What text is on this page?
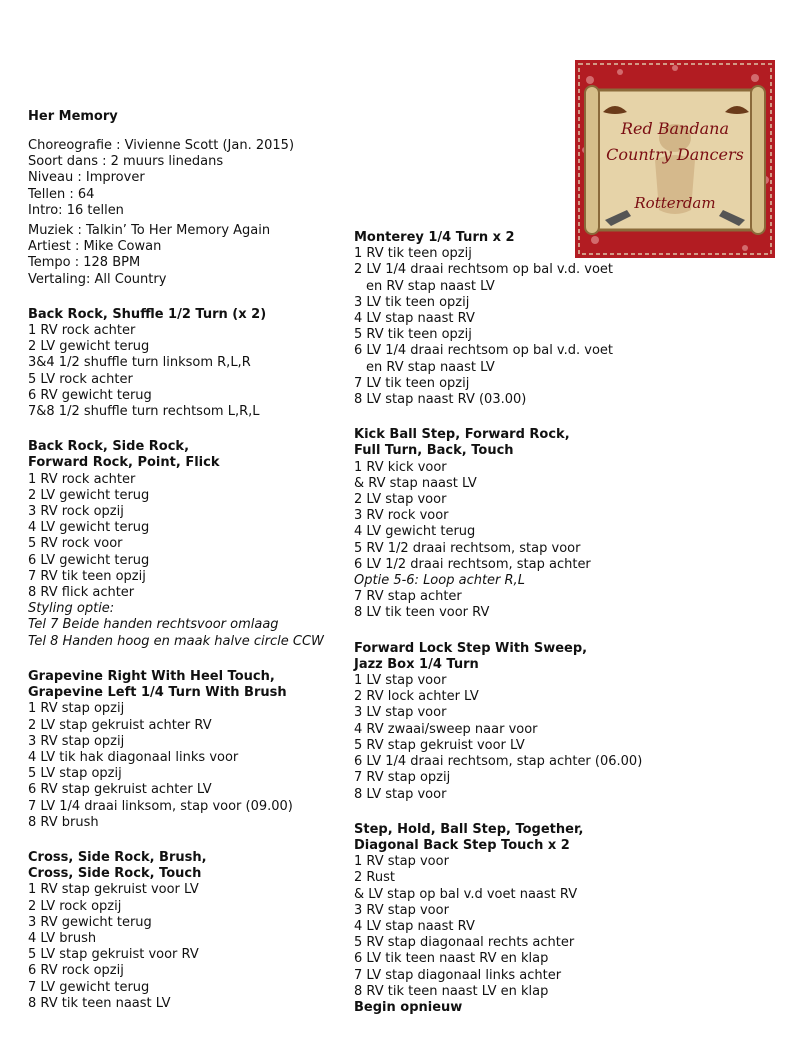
Red Bandana
Country Dancers
Rotterdam
Her Memory
Choreografie : Vivienne Scott (Jan. 2015)
Soort dans : 2 muurs linedans
Niveau : Improver
Tellen : 64
Intro: 16 tellen
Muziek : Talkin’ To Her Memory Again
Artiest : Mike Cowan
Tempo : 128 BPM
Vertaling: All Country
Back Rock, Shuffle 1/2 Turn (x 2)
1 RV rock achter
2 LV gewicht terug
3&4 1/2 shuffle turn linksom R,L,R
5 LV rock achter
6 RV gewicht terug
7&8 1/2 shuffle turn rechtsom L,R,L
Back Rock, Side Rock,
Forward Rock, Point, Flick
1 RV rock achter
2 LV gewicht terug
3 RV rock opzij
4 LV gewicht terug
5 RV rock voor
6 LV gewicht terug
7 RV tik teen opzij
8 RV flick achter
Styling optie:
Tel 7 Beide handen rechtsvoor omlaag
Tel 8 Handen hoog en maak halve circle CCW
Grapevine Right With Heel Touch,
Grapevine Left 1/4 Turn With Brush
1 RV stap opzij
2 LV stap gekruist achter RV
3 RV stap opzij
4 LV tik hak diagonaal links voor
5 LV stap opzij
6 RV stap gekruist achter LV
7 LV 1/4 draai linksom, stap voor (09.00)
8 RV brush
Cross, Side Rock, Brush,
Cross, Side Rock, Touch
1 RV stap gekruist voor LV
2 LV rock opzij
3 RV gewicht terug
4 LV brush
5 LV stap gekruist voor RV
6 RV rock opzij
7 LV gewicht terug
8 RV tik teen naast LV
Monterey 1/4 Turn x 2
1 RV tik teen opzij
2 LV 1/4 draai rechtsom op bal v.d. voet
en RV stap naast LV
3 LV tik teen opzij
4 LV stap naast RV
5 RV tik teen opzij
6 LV 1/4 draai rechtsom op bal v.d. voet
en RV stap naast LV
7 LV tik teen opzij
8 LV stap naast RV (03.00)
Kick Ball Step, Forward Rock,
Full Turn, Back, Touch
1 RV kick voor
& RV stap naast LV
2 LV stap voor
3 RV rock voor
4 LV gewicht terug
5 RV 1/2 draai rechtsom, stap voor
6 LV 1/2 draai rechtsom, stap achter
Optie 5-6: Loop achter R,L
7 RV stap achter
8 LV tik teen voor RV
Forward Lock Step With Sweep,
Jazz Box 1/4 Turn
1 LV stap voor
2 RV lock achter LV
3 LV stap voor
4 RV zwaai/sweep naar voor
5 RV stap gekruist voor LV
6 LV 1/4 draai rechtsom, stap achter (06.00)
7 RV stap opzij
8 LV stap voor
Step, Hold, Ball Step, Together,
Diagonal Back Step Touch x 2
1 RV stap voor
2 Rust
& LV stap op bal v.d voet naast RV
3 RV stap voor
4 LV stap naast RV
5 RV stap diagonaal rechts achter
6 LV tik teen naast RV en klap
7 LV stap diagonaal links achter
8 RV tik teen naast LV en klap
Begin opnieuw
